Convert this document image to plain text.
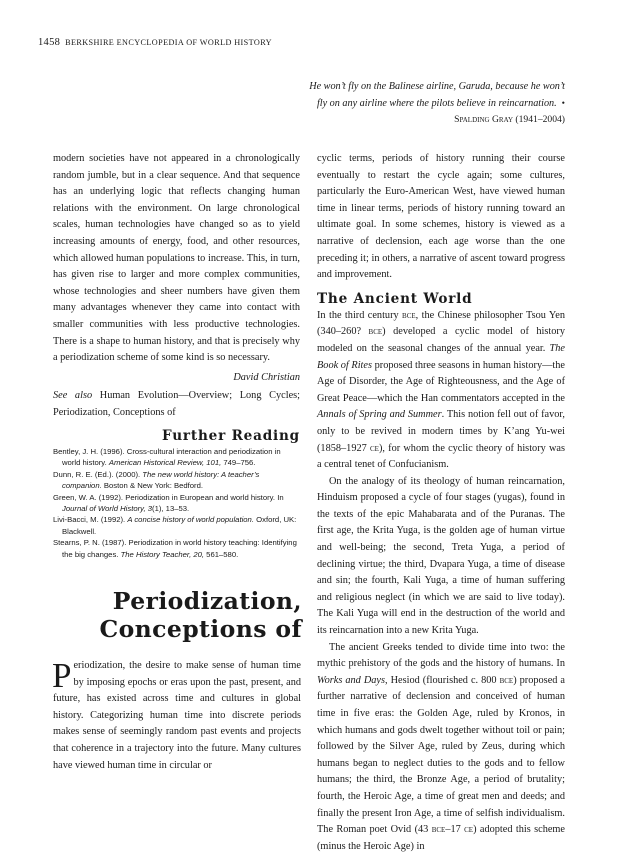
1458 BERKSHIRE ENCYCLOPEDIA OF WORLD HISTORY
He won’t fly on the Balinese airline, Garuda, because he won’t fly on any airline where the pilots believe in reincarnation. • Spalding Gray (1941–2004)

modern societies have not appeared in a chronologically random jumble, but in a clear sequence. And that sequence has an underlying logic that reflects changing human relations with the environment. On large chronological scales, human technologies have changed so as to yield increasing amounts of energy, food, and other resources, which allowed human populations to increase. This, in turn, has given rise to larger and more complex communities, whose technologies and sheer numbers have given them many advantages whenever they came into contact with smaller communities with less productive technologies. There is a shape to human history, and that is precisely why a periodization scheme of some kind is so necessary.

David Christian

See also Human Evolution—Overview; Long Cycles; Periodization, Conceptions of

Further Reading
Bentley, J. H. (1996). Cross-cultural interaction and periodization in world history. American Historical Review, 101, 749–756.
Dunn, R. E. (Ed.). (2000). The new world history: A teacher’s companion. Boston & New York: Bedford.
Green, W. A. (1992). Periodization in European and world history. In Journal of World History, 3(1), 13–53.
Livi-Bacci, M. (1992). A concise history of world population. Oxford, UK: Blackwell.
Stearns, P. N. (1987). Periodization in world history teaching: Identifying the big changes. The History Teacher, 20, 561–580.
Periodization,
Conceptions of
Periodization, the desire to make sense of human time by imposing epochs or eras upon the past, present, and future, has existed across time and cultures in global history. Categorizing human time into discrete periods makes sense of seemingly random past events and projects that coherence in a trajectory into the future. Many cultures have viewed human time in circular or

cyclic terms, periods of history running their course eventually to restart the cycle again; some cultures, particularly the Euro-American West, have viewed human time in linear terms, periods of history running toward an ultimate goal. In some schemes, history is viewed as a narrative of declension, each age worse than the one preceding it; in others, a narrative of ascent toward progress and improvement.

The Ancient World

In the third century bce, the Chinese philosopher Tsou Yen (340–260? bce) developed a cyclic model of history modeled on the seasonal changes of the annual year. The Book of Rites proposed three seasons in human history—the Age of Disorder, the Age of Righteousness, and the Age of Great Peace—which the Han commentators accepted in the Annals of Spring and Summer. This notion fell out of favor, only to be revived in modern times by K’ang Yu-wei (1858–1927 ce), for whom the cyclic theory of history was a central tenet of Confucianism.

On the analogy of its theology of human reincarnation, Hinduism proposed a cycle of four stages (yugas), found in the texts of the epic Mahabarata and of the Puranas. The first age, the Krita Yuga, is the golden age of human virtue and well-being; the second, Treta Yuga, a period of declining virtue; the third, Dvapara Yuga, a time of disease and sin; the fourth, Kali Yuga, a time of human suffering and religious neglect (in which we are said to live today). The Kali Yuga will end in the destruction of the world and its reincarnation into a new Krita Yuga.

The ancient Greeks tended to divide time into two: the mythic prehistory of the gods and the history of humans. In Works and Days, Hesiod (flourished c. 800 bce) proposed a further narrative of declension and conceived of human time in five eras: the Golden Age, ruled by Kronos, in which humans and gods dwelt together without toil or pain; followed by the Silver Age, ruled by Zeus, during which humans began to neglect duties to the gods and to fellow humans; the third, the Bronze Age, a period of brutality; fourth, the Heroic Age, a time of great men and deeds; and finally the present Iron Age, a time of selfish individualism. The Roman poet Ovid (43 bce–17 ce) adopted this scheme (minus the Heroic Age) in
